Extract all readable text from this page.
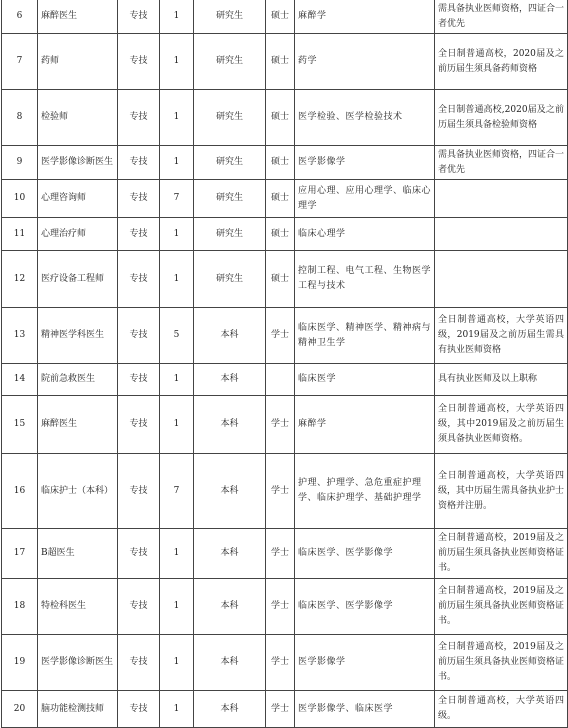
6	麻醉医生	专技	1	研究生	硕士	麻醉学	需具备执业医师资格，四证合一者优先
7	药师	专技	1	研究生	硕士	药学	全日制普通高校，2020届及之前历届生须具备药师资格
8	检验师	专技	1	研究生	硕士	医学检验、医学检验技术	全日制普通高校,2020届及之前历届生须具备检验师资格
9	医学影像诊断医生	专技	1	研究生	硕士	医学影像学	需具备执业医师资格，四证合一者优先
10	心理咨询师	专技	7	研究生	硕士	应用心理、应用心理学、临床心理学	
11	心理治疗师	专技	1	研究生	硕士	临床心理学	
12	医疗设备工程师	专技	1	研究生	硕士	控制工程、电气工程、生物医学工程与技术	
13	精神医学科医生	专技	5	本科	学士	临床医学、精神医学、精神病与精神卫生学	全日制普通高校，大学英语四级，2019届及之前历届生需具有执业医师资格
14	院前急救医生	专技	1	本科		临床医学	具有执业医师及以上职称
15	麻醉医生	专技	1	本科	学士	麻醉学	全日制普通高校，大学英语四级，其中2019届及之前历届生须具备执业医师资格。
16	临床护士（本科）	专技	7	本科	学士	护理、护理学、急危重症护理学、临床护理学、基础护理学	全日制普通高校，大学英语四级，其中历届生需具备执业护士资格并注册。
17	B超医生	专技	1	本科	学士	临床医学、医学影像学	全日制普通高校，2019届及之前历届生须具备执业医师资格证书。
18	特检科医生	专技	1	本科	学士	临床医学、医学影像学	全日制普通高校，2019届及之前历届生须具备执业医师资格证书。
19	医学影像诊断医生	专技	1	本科	学士	医学影像学	全日制普通高校，2019届及之前历届生须具备执业医师资格证书。
20	脑功能检测技师	专技	1	本科	学士	医学影像学、临床医学	全日制普通高校，大学英语四级。
